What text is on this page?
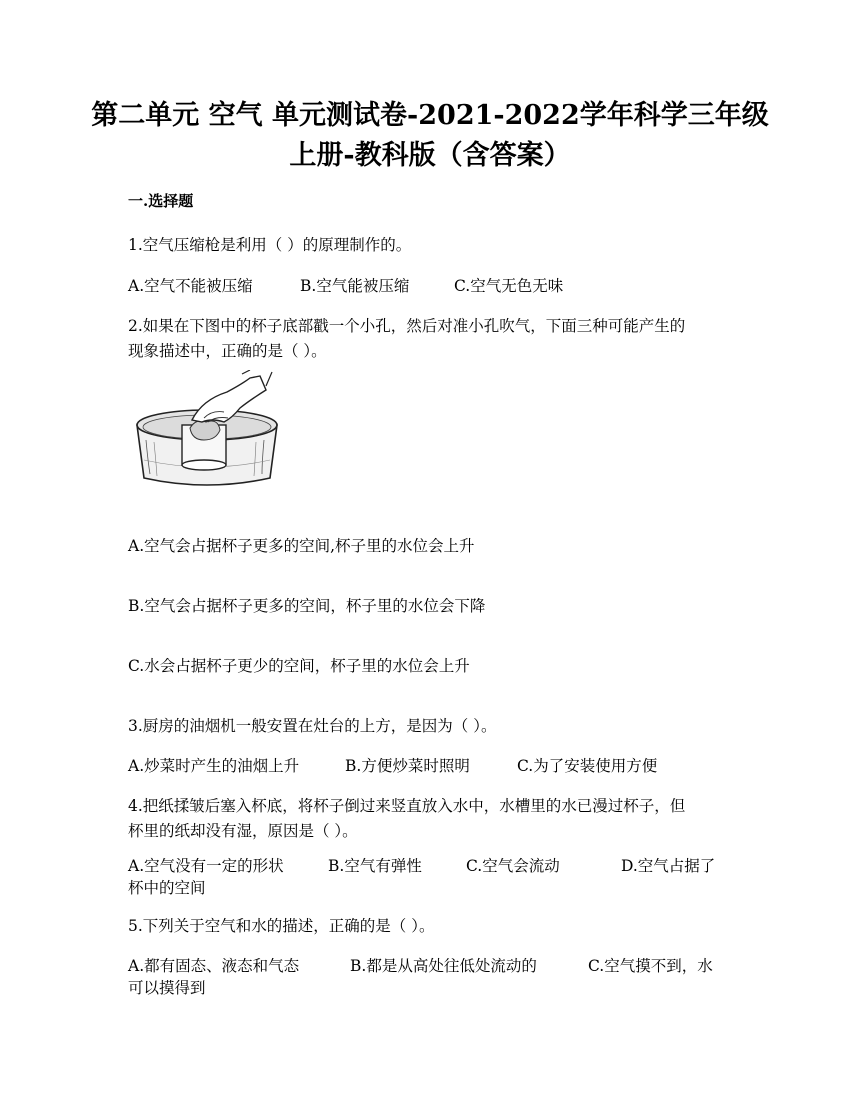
第二单元 空气 单元测试卷-2021-2022学年科学三年级
上册-教科版（含答案）
一.选择题
1.空气压缩枪是利用（ ）的原理制作的。
A.空气不能被压缩	B.空气能被压缩	C.空气无色无味
2.如果在下图中的杯子底部戳一个小孔，然后对准小孔吹气，下面三种可能产生的
现象描述中，正确的是（ ）。
A.空气会占据杯子更多的空间,杯子里的水位会上升
B.空气会占据杯子更多的空间，杯子里的水位会下降
C.水会占据杯子更少的空间，杯子里的水位会上升
3.厨房的油烟机一般安置在灶台的上方，是因为（ ）。
A.炒菜时产生的油烟上升	B.方便炒菜时照明	C.为了安装使用方便
4.把纸揉皱后塞入杯底，将杯子倒过来竖直放入水中，水槽里的水已漫过杯子，但
杯里的纸却没有湿，原因是（ ）。
A.空气没有一定的形状	B.空气有弹性	C.空气会流动	D.空气占据了
杯中的空间
5.下列关于空气和水的描述，正确的是（ ）。
A.都有固态、液态和气态	B.都是从高处往低处流动的	C.空气摸不到，水
可以摸得到
